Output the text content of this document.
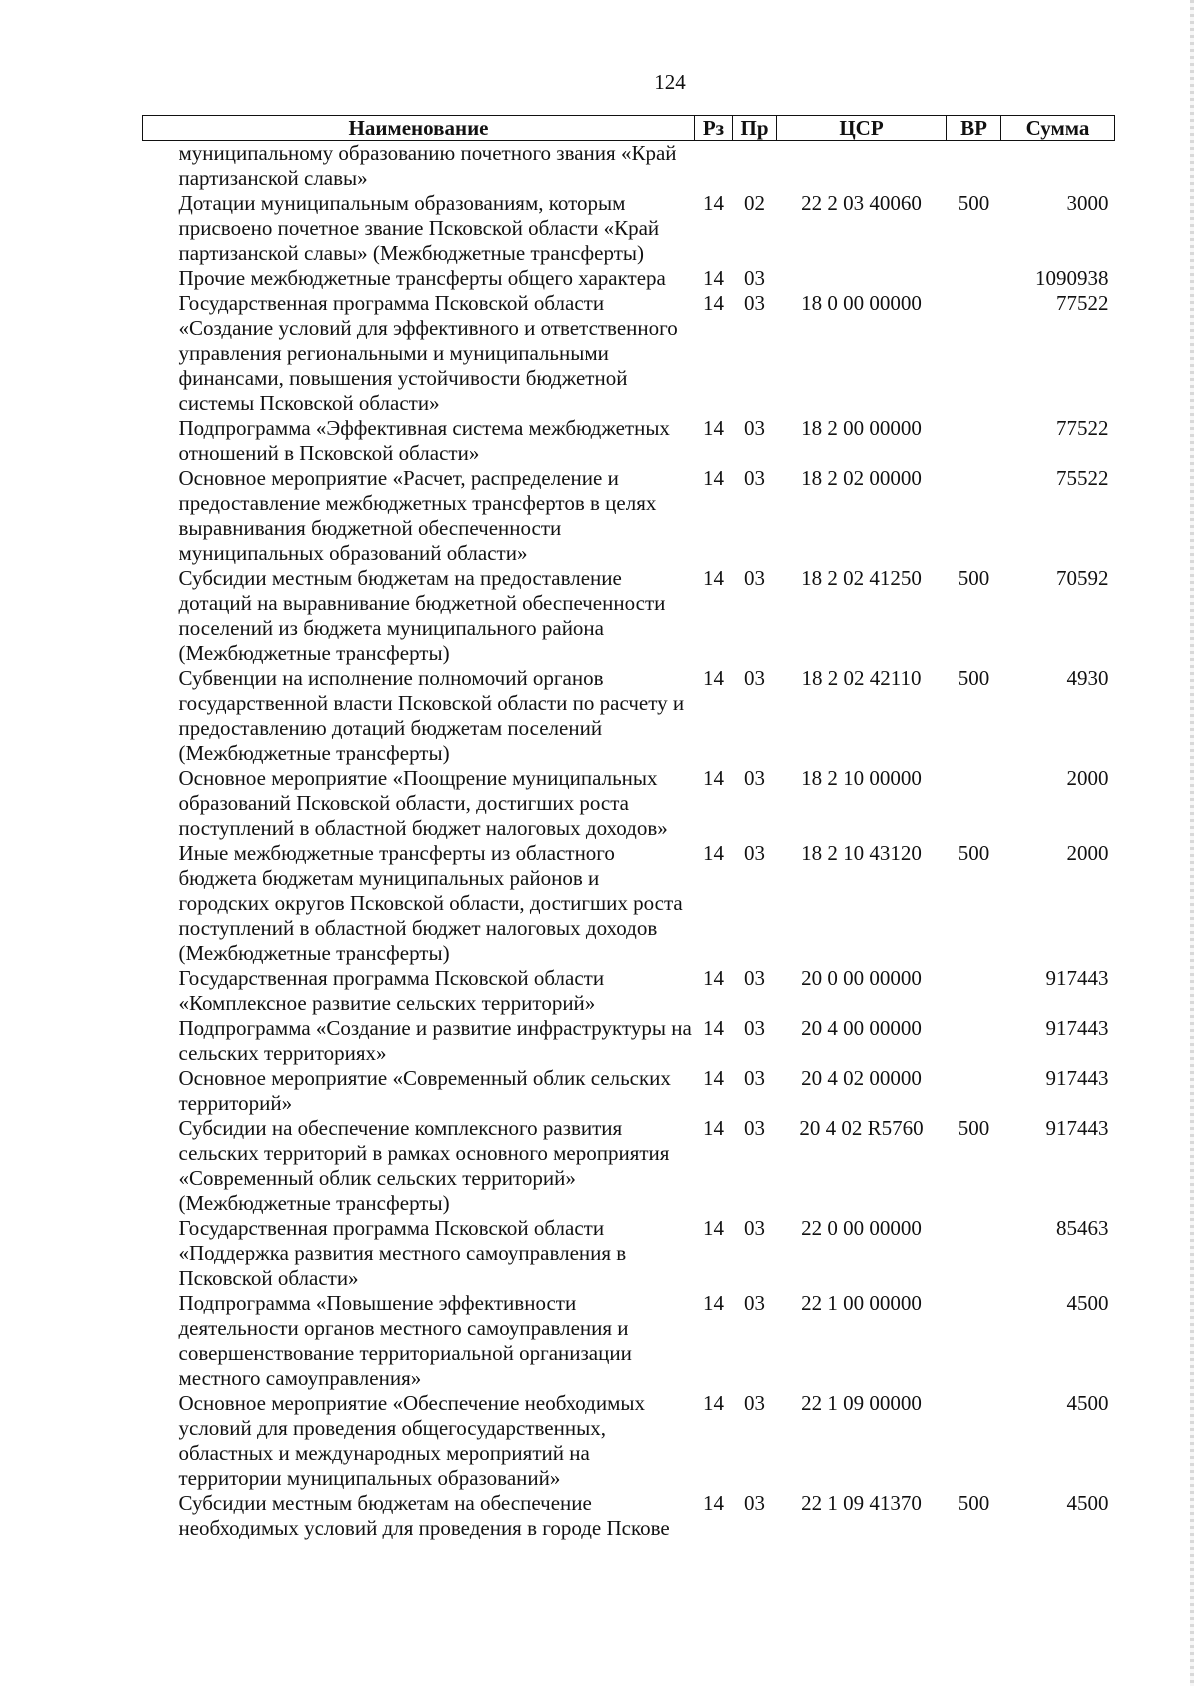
124
Наименование	Рз	Пр	ЦСР	ВР	Сумма
муниципальному образованию почетного звания «Край партизанской славы»					
Дотации муниципальным образованиям, которым присвоено почетное звание Псковской области «Край партизанской славы» (Межбюджетные трансферты)	14	02	22 2 03 40060	500	3000
Прочие межбюджетные трансферты общего характера	14	03			1090938
Государственная программа Псковской области «Создание условий для эффективного и ответственного управления региональными и муниципальными финансами, повышения устойчивости бюджетной системы Псковской области»	14	03	18 0 00 00000		77522
Подпрограмма «Эффективная система межбюджетных отношений в Псковской области»	14	03	18 2 00 00000		77522
Основное мероприятие «Расчет, распределение и предоставление межбюджетных трансфертов в целях выравнивания бюджетной обеспеченности муниципальных образований области»	14	03	18 2 02 00000		75522
Субсидии местным бюджетам на предоставление дотаций на выравнивание бюджетной обеспеченности поселений из бюджета муниципального района (Межбюджетные трансферты)	14	03	18 2 02 41250	500	70592
Субвенции на исполнение полномочий органов государственной власти Псковской области по расчету и предоставлению дотаций бюджетам поселений (Межбюджетные трансферты)	14	03	18 2 02 42110	500	4930
Основное мероприятие «Поощрение муниципальных образований Псковской области, достигших роста поступлений в областной бюджет налоговых доходов»	14	03	18 2 10 00000		2000
Иные межбюджетные трансферты из областного бюджета бюджетам муниципальных районов и городских округов Псковской области, достигших роста поступлений в областной бюджет налоговых доходов (Межбюджетные трансферты)	14	03	18 2 10 43120	500	2000
Государственная программа Псковской области «Комплексное развитие сельских территорий»	14	03	20 0 00 00000		917443
Подпрограмма «Создание и развитие инфраструктуры на сельских территориях»	14	03	20 4 00 00000		917443
Основное мероприятие «Современный облик сельских территорий»	14	03	20 4 02 00000		917443
Субсидии на обеспечение комплексного развития сельских территорий в рамках основного мероприятия «Современный облик сельских территорий» (Межбюджетные трансферты)	14	03	20 4 02 R5760	500	917443
Государственная программа Псковской области «Поддержка развития местного самоуправления в Псковской области»	14	03	22 0 00 00000		85463
Подпрограмма «Повышение эффективности деятельности органов местного самоуправления и совершенствование территориальной организации местного самоуправления»	14	03	22 1 00 00000		4500
Основное мероприятие «Обеспечение необходимых условий для проведения общегосударственных, областных и международных мероприятий на территории муниципальных образований»	14	03	22 1 09 00000		4500
Субсидии местным бюджетам на обеспечение необходимых условий для проведения в городе Пскове	14	03	22 1 09 41370	500	4500
